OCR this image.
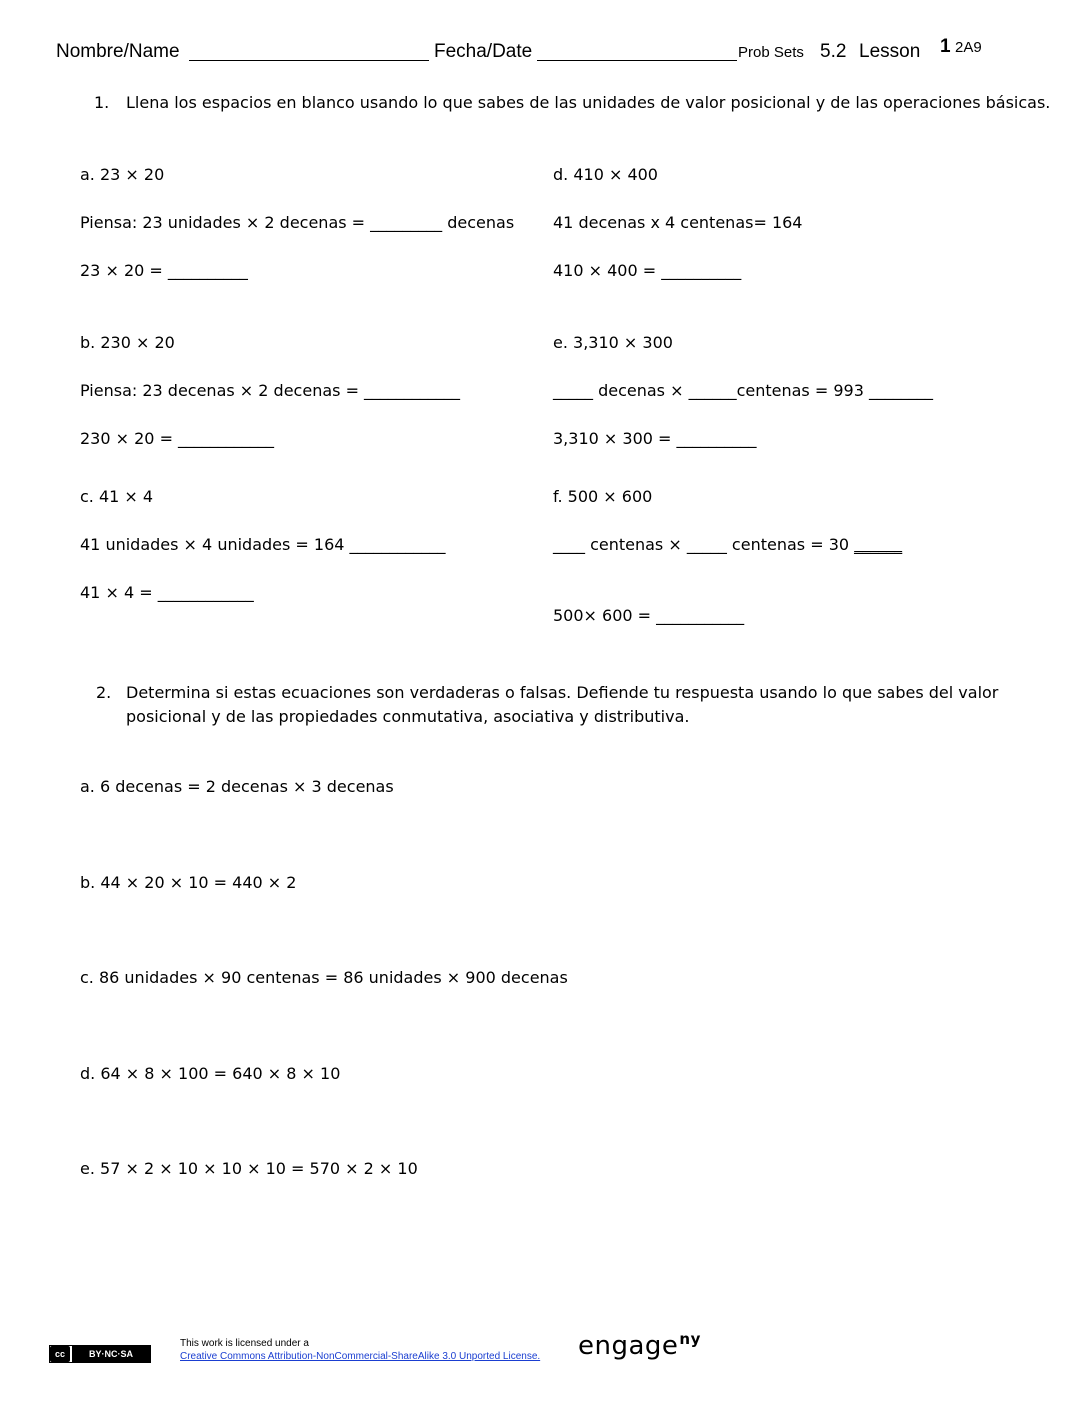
Nombre/Name	Fecha/Date	Prob Sets 5.2 Lesson 1 2A9
1. Llena los espacios en blanco usando lo que sabes de las unidades de valor posicional y de las operaciones básicas.
a. 23 × 20
Piensa: 23 unidades × 2 decenas = _________ decenas
23 × 20 = __________
b. 230 × 20
Piensa: 23 decenas × 2 decenas = ____________
230 × 20 = ____________
c. 41 × 4
41 unidades × 4 unidades = 164 ____________
41 × 4 = ____________
d. 410 × 400
41 decenas x 4 centenas= 164
410 × 400 = __________
e. 3,310 × 300
_____ decenas × ______centenas = 993 ________
3,310 × 300 = __________
f. 500 × 600
____ centenas × _____ centenas = 30 ______
500× 600 = ___________
2. Determina si estas ecuaciones son verdaderas o falsas. Defiende tu respuesta usando lo que sabes del valor
posicional y de las propiedades conmutativa, asociativa y distributiva.
a. 6 decenas = 2 decenas × 3 decenas
b. 44 × 20 × 10 = 440 × 2
c. 86 unidades × 90 centenas = 86 unidades × 900 decenas
d. 64 × 8 × 100 = 640 × 8 × 10
e. 57 × 2 × 10 × 10 × 10 = 570 × 2 × 10
cc	BY·NC·SA
This work is licensed under a
Creative Commons Attribution-NonCommercial-ShareAlike 3.0 Unported License. engage$^{ny}$
